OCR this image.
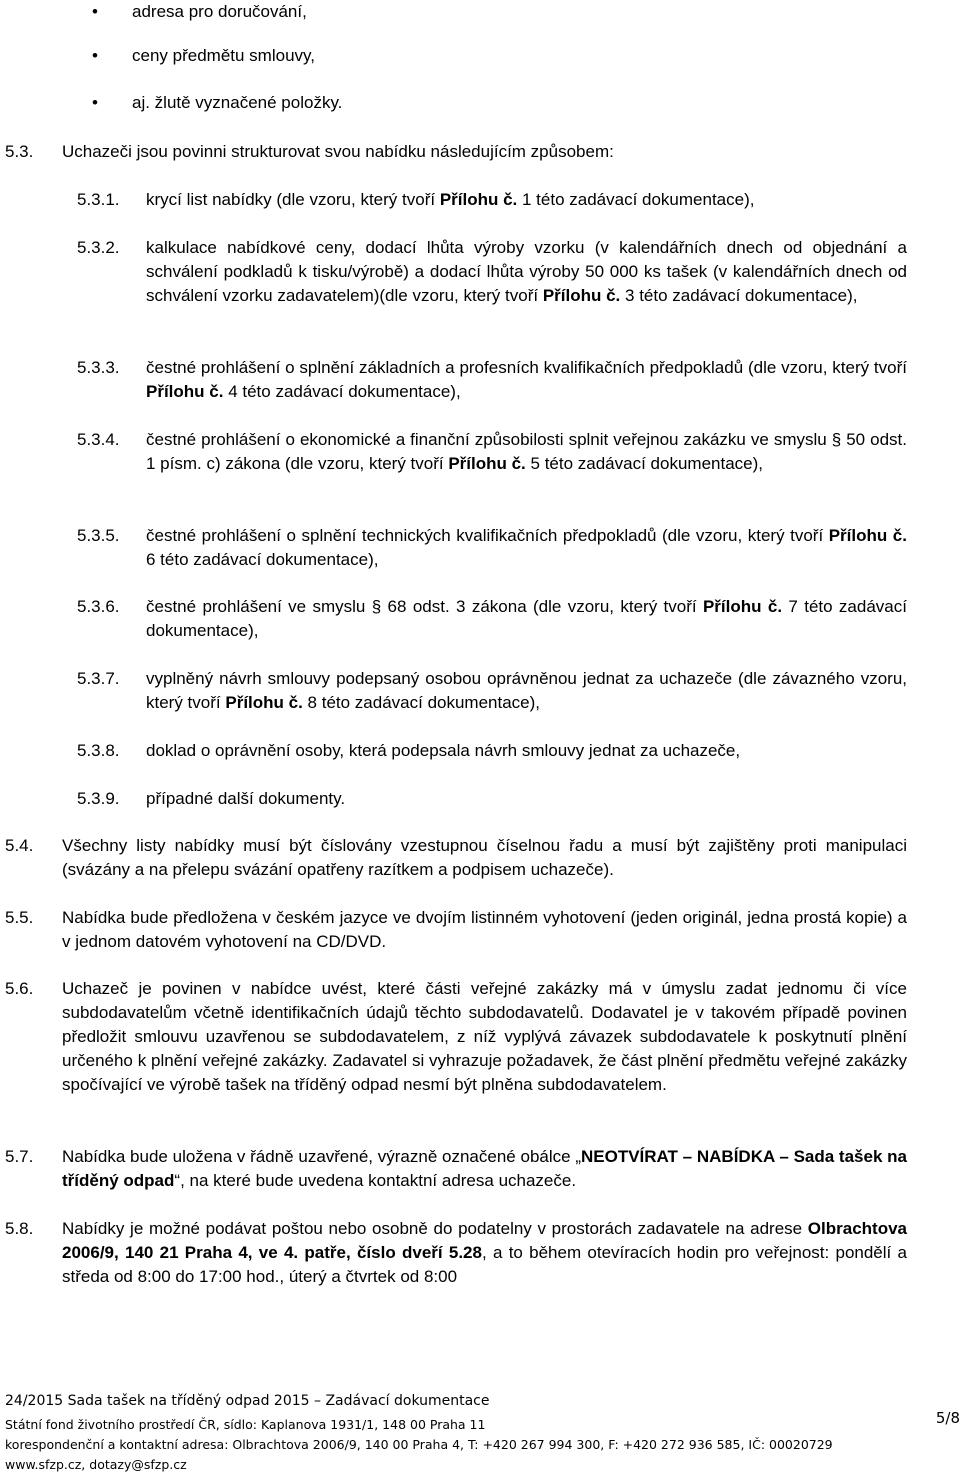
• adresa pro doručování,
• ceny předmětu smlouvy,
• aj. žlutě vyznačené položky.
5.3. Uchazeči jsou povinni strukturovat svou nabídku následujícím způsobem:
5.3.1. krycí list nabídky (dle vzoru, který tvoří Přílohu č. 1 této zadávací dokumentace),
5.3.2. kalkulace nabídkové ceny, dodací lhůta výroby vzorku (v kalendářních dnech od objednání a schválení podkladů k tisku/výrobě) a dodací lhůta výroby 50 000 ks tašek (v kalendářních dnech od schválení vzorku zadavatelem)(dle vzoru, který tvoří Přílohu č. 3 této zadávací dokumentace),
5.3.3. čestné prohlášení o splnění základních a profesních kvalifikačních předpokladů (dle vzoru, který tvoří Přílohu č. 4 této zadávací dokumentace),
5.3.4. čestné prohlášení o ekonomické a finanční způsobilosti splnit veřejnou zakázku ve smyslu § 50 odst. 1 písm. c) zákona (dle vzoru, který tvoří Přílohu č. 5 této zadávací dokumentace),
5.3.5. čestné prohlášení o splnění technických kvalifikačních předpokladů (dle vzoru, který tvoří Přílohu č. 6 této zadávací dokumentace),
5.3.6. čestné prohlášení ve smyslu § 68 odst. 3 zákona (dle vzoru, který tvoří Přílohu č. 7 této zadávací dokumentace),
5.3.7. vyplněný návrh smlouvy podepsaný osobou oprávněnou jednat za uchazeče (dle závazného vzoru, který tvoří Přílohu č. 8 této zadávací dokumentace),
5.3.8. doklad o oprávnění osoby, která podepsala návrh smlouvy jednat za uchazeče,
5.3.9. případné další dokumenty.
5.4. Všechny listy nabídky musí být číslovány vzestupnou číselnou řadu a musí být zajištěny proti manipulaci (svázány a na přelepu svázání opatřeny razítkem a podpisem uchazeče).
5.5. Nabídka bude předložena v českém jazyce ve dvojím listinném vyhotovení (jeden originál, jedna prostá kopie) a v jednom datovém vyhotovení na CD/DVD.
5.6. Uchazeč je povinen v nabídce uvést, které části veřejné zakázky má v úmyslu zadat jednomu či více subdodavatelům včetně identifikačních údajů těchto subdodavatelů. Dodavatel je v takovém případě povinen předložit smlouvu uzavřenou se subdodavatelem, z níž vyplývá závazek subdodavatele k poskytnutí plnění určeného k plnění veřejné zakázky. Zadavatel si vyhrazuje požadavek, že část plnění předmětu veřejné zakázky spočívající ve výrobě tašek na tříděný odpad nesmí být plněna subdodavatelem.
5.7. Nabídka bude uložena v řádně uzavřené, výrazně označené obálce „NEOTVÍRAT – NABÍDKA – Sada tašek na tříděný odpad“, na které bude uvedena kontaktní adresa uchazeče.
5.8. Nabídky je možné podávat poštou nebo osobně do podatelny v prostorách zadavatele na adrese Olbrachtova 2006/9, 140 21 Praha 4, ve 4. patře, číslo dveří 5.28, a to během otevíracích hodin pro veřejnost: pondělí a středa od 8:00 do 17:00 hod., úterý a čtvrtek od 8:00
24/2015 Sada tašek na tříděný odpad 2015 – Zadávací dokumentace
Státní fond životního prostředí ČR, sídlo: Kaplanova 1931/1, 148 00 Praha 11
korespondenční a kontaktní adresa: Olbrachtova 2006/9, 140 00 Praha 4, T: +420 267 994 300, F: +420 272 936 585, IČ: 00020729
www.sfzp.cz, dotazy@sfzp.cz
5/8
